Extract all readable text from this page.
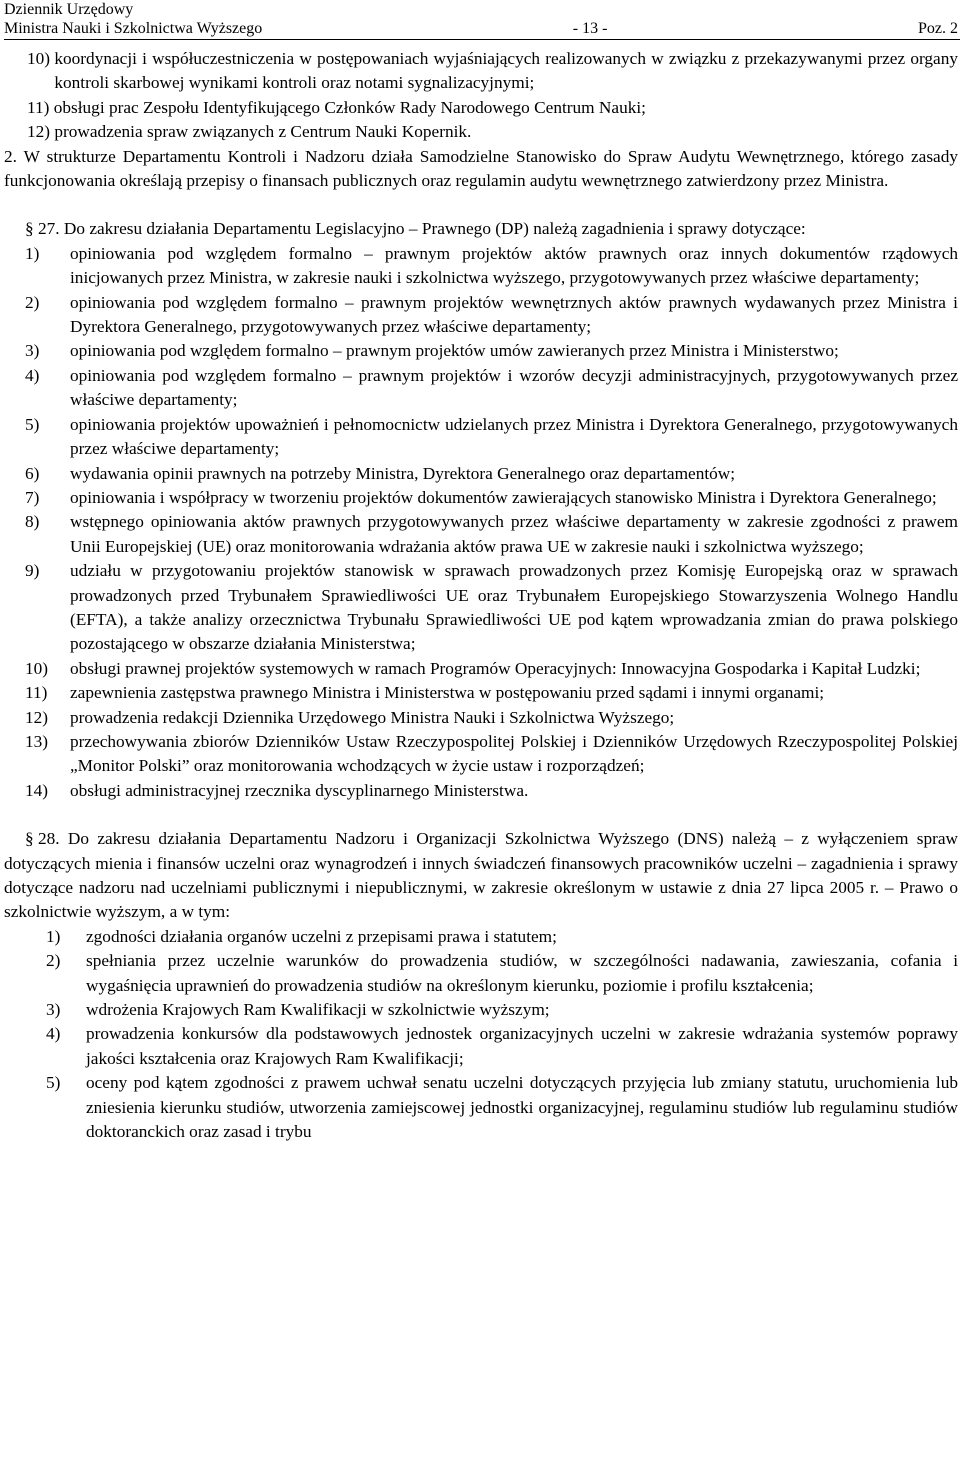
Dziennik Urzędowy
Ministra Nauki i Szkolnictwa Wyższego	- 13 -	Poz. 2
10)
koordynacji i współuczestniczenia w postępowaniach wyjaśniających realizowanych w związku z przekazywanymi przez organy kontroli skarbowej wynikami kontroli oraz notami sygnalizacyjnymi;
11)
obsługi prac Zespołu Identyfikującego Członków Rady Narodowego Centrum Nauki;
12)
prowadzenia spraw związanych z Centrum Nauki Kopernik.

2. W strukturze Departamentu Kontroli i Nadzoru działa Samodzielne Stanowisko do Spraw Audytu Wewnętrznego, którego zasady funkcjonowania określają przepisy o finansach publicznych oraz regulamin audytu wewnętrznego zatwierdzony przez Ministra.

§ 27. Do zakresu działania Departamentu Legislacyjno – Prawnego (DP) należą zagadnienia i sprawy dotyczące:

1)	opiniowania pod względem formalno – prawnym projektów aktów prawnych oraz innych dokumentów rządowych inicjowanych przez Ministra, w zakresie nauki i szkolnictwa wyższego, przygotowywanych przez właściwe departamenty;
2)	opiniowania pod względem formalno – prawnym projektów wewnętrznych aktów prawnych wydawanych przez Ministra i Dyrektora Generalnego, przygotowywanych przez właściwe departamenty;
3)	opiniowania pod względem formalno – prawnym projektów umów zawieranych przez Ministra i Ministerstwo;
4)	opiniowania pod względem formalno – prawnym projektów i wzorów decyzji administracyjnych, przygotowywanych przez właściwe departamenty;
5)	opiniowania projektów upoważnień i pełnomocnictw udzielanych przez Ministra i Dyrektora Generalnego, przygotowywanych przez właściwe departamenty;
6)	wydawania opinii prawnych na potrzeby Ministra, Dyrektora Generalnego oraz departamentów;
7)	opiniowania i współpracy w tworzeniu projektów dokumentów zawierających stanowisko Ministra i Dyrektora Generalnego;
8)	wstępnego opiniowania aktów prawnych przygotowywanych przez właściwe departamenty w zakresie zgodności z prawem Unii Europejskiej (UE) oraz monitorowania wdrażania aktów prawa UE w zakresie nauki i szkolnictwa wyższego;
9)	udziału w przygotowaniu projektów stanowisk w sprawach prowadzonych przez Komisję Europejską oraz w sprawach prowadzonych przed Trybunałem Sprawiedliwości UE oraz Trybunałem Europejskiego Stowarzyszenia Wolnego Handlu (EFTA), a także analizy orzecznictwa Trybunału Sprawiedliwości UE pod kątem wprowadzania zmian do prawa polskiego pozostającego w obszarze działania Ministerstwa;
10)	obsługi prawnej projektów systemowych w ramach Programów Operacyjnych: Innowacyjna Gospodarka i Kapitał Ludzki;
11)	zapewnienia zastępstwa prawnego Ministra i Ministerstwa w postępowaniu przed sądami i innymi organami;
12)	prowadzenia redakcji Dziennika Urzędowego Ministra Nauki i Szkolnictwa Wyższego;
13)	przechowywania zbiorów Dzienników Ustaw Rzeczypospolitej Polskiej i Dzienników Urzędowych Rzeczypospolitej Polskiej „Monitor Polski” oraz monitorowania wchodzących w życie ustaw i rozporządzeń;
14)	obsługi administracyjnej rzecznika dyscyplinarnego Ministerstwa.

§ 28. Do zakresu działania Departamentu Nadzoru i Organizacji Szkolnictwa Wyższego (DNS) należą – z wyłączeniem spraw dotyczących mienia i finansów uczelni oraz wynagrodzeń i innych świadczeń finansowych pracowników uczelni – zagadnienia i sprawy dotyczące nadzoru nad uczelniami publicznymi i niepublicznymi, w zakresie określonym w ustawie z dnia 27 lipca 2005 r. – Prawo o szkolnictwie wyższym, a w tym:

1)	zgodności działania organów uczelni z przepisami prawa i statutem;
2)	spełniania przez uczelnie warunków do prowadzenia studiów, w szczególności nadawania, zawieszania, cofania i wygaśnięcia uprawnień do prowadzenia studiów na określonym kierunku, poziomie i profilu kształcenia;
3)	wdrożenia Krajowych Ram Kwalifikacji w szkolnictwie wyższym;
4)	prowadzenia konkursów dla podstawowych jednostek organizacyjnych uczelni w zakresie wdrażania systemów poprawy jakości kształcenia oraz Krajowych Ram Kwalifikacji;
5)	oceny pod kątem zgodności z prawem uchwał senatu uczelni dotyczących przyjęcia lub zmiany statutu, uruchomienia lub zniesienia kierunku studiów, utworzenia zamiejscowej jednostki organizacyjnej, regulaminu studiów lub regulaminu studiów doktoranckich oraz zasad i trybu
